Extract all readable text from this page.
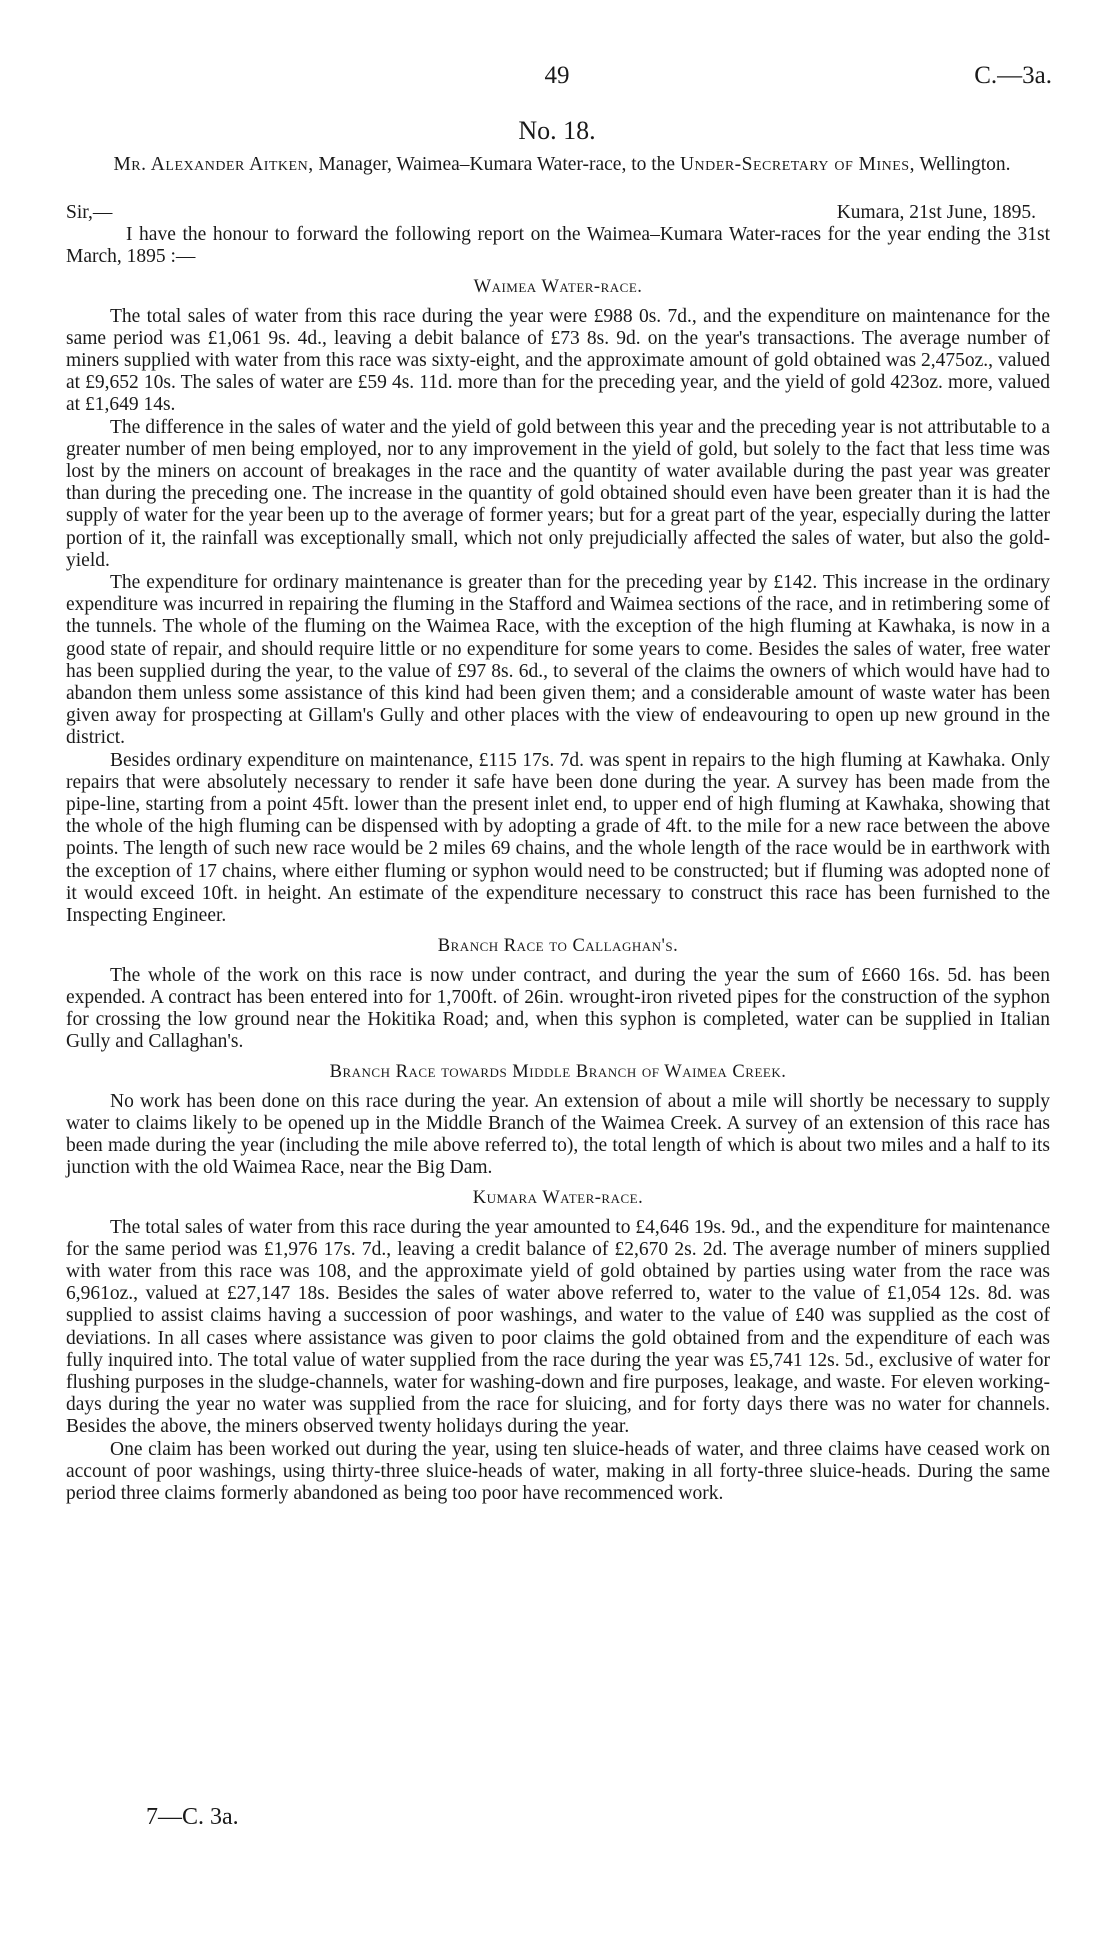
49	C.—3a.
No. 18.
Mr. Alexander Aitken, Manager, Waimea–Kumara Water-race, to the Under-Secretary of Mines, Wellington.
Sir,—	Kumara, 21st June, 1895.

I have the honour to forward the following report on the Waimea–Kumara Water-races for the year ending the 31st March, 1895 :—

Waimea Water-race.

The total sales of water from this race during the year were £988 0s. 7d., and the expenditure on maintenance for the same period was £1,061 9s. 4d., leaving a debit balance of £73 8s. 9d. on the year's transactions. The average number of miners supplied with water from this race was sixty-eight, and the approximate amount of gold obtained was 2,475oz., valued at £9,652 10s. The sales of water are £59 4s. 11d. more than for the preceding year, and the yield of gold 423oz. more, valued at £1,649 14s.

The difference in the sales of water and the yield of gold between this year and the preceding year is not attributable to a greater number of men being employed, nor to any improvement in the yield of gold, but solely to the fact that less time was lost by the miners on account of breakages in the race and the quantity of water available during the past year was greater than during the preceding one. The increase in the quantity of gold obtained should even have been greater than it is had the supply of water for the year been up to the average of former years; but for a great part of the year, especially during the latter portion of it, the rainfall was exceptionally small, which not only prejudicially affected the sales of water, but also the gold-yield.

The expenditure for ordinary maintenance is greater than for the preceding year by £142. This increase in the ordinary expenditure was incurred in repairing the fluming in the Stafford and Waimea sections of the race, and in retimbering some of the tunnels. The whole of the fluming on the Waimea Race, with the exception of the high fluming at Kawhaka, is now in a good state of repair, and should require little or no expenditure for some years to come. Besides the sales of water, free water has been supplied during the year, to the value of £97 8s. 6d., to several of the claims the owners of which would have had to abandon them unless some assistance of this kind had been given them; and a considerable amount of waste water has been given away for prospecting at Gillam's Gully and other places with the view of endeavouring to open up new ground in the district.

Besides ordinary expenditure on maintenance, £115 17s. 7d. was spent in repairs to the high fluming at Kawhaka. Only repairs that were absolutely necessary to render it safe have been done during the year. A survey has been made from the pipe-line, starting from a point 45ft. lower than the present inlet end, to upper end of high fluming at Kawhaka, showing that the whole of the high fluming can be dispensed with by adopting a grade of 4ft. to the mile for a new race between the above points. The length of such new race would be 2 miles 69 chains, and the whole length of the race would be in earthwork with the exception of 17 chains, where either fluming or syphon would need to be constructed; but if fluming was adopted none of it would exceed 10ft. in height. An estimate of the expenditure necessary to construct this race has been furnished to the Inspecting Engineer.

Branch Race to Callaghan's.

The whole of the work on this race is now under contract, and during the year the sum of £660 16s. 5d. has been expended. A contract has been entered into for 1,700ft. of 26in. wrought-iron riveted pipes for the construction of the syphon for crossing the low ground near the Hokitika Road; and, when this syphon is completed, water can be supplied in Italian Gully and Callaghan's.

Branch Race towards Middle Branch of Waimea Creek.

No work has been done on this race during the year. An extension of about a mile will shortly be necessary to supply water to claims likely to be opened up in the Middle Branch of the Waimea Creek. A survey of an extension of this race has been made during the year (including the mile above referred to), the total length of which is about two miles and a half to its junction with the old Waimea Race, near the Big Dam.

Kumara Water-race.

The total sales of water from this race during the year amounted to £4,646 19s. 9d., and the expenditure for maintenance for the same period was £1,976 17s. 7d., leaving a credit balance of £2,670 2s. 2d. The average number of miners supplied with water from this race was 108, and the approximate yield of gold obtained by parties using water from the race was 6,961oz., valued at £27,147 18s. Besides the sales of water above referred to, water to the value of £1,054 12s. 8d. was supplied to assist claims having a succession of poor washings, and water to the value of £40 was supplied as the cost of deviations. In all cases where assistance was given to poor claims the gold obtained from and the expenditure of each was fully inquired into. The total value of water supplied from the race during the year was £5,741 12s. 5d., exclusive of water for flushing purposes in the sludge-channels, water for washing-down and fire purposes, leakage, and waste. For eleven working-days during the year no water was supplied from the race for sluicing, and for forty days there was no water for channels. Besides the above, the miners observed twenty holidays during the year.

One claim has been worked out during the year, using ten sluice-heads of water, and three claims have ceased work on account of poor washings, using thirty-three sluice-heads of water, making in all forty-three sluice-heads. During the same period three claims formerly abandoned as being too poor have recommenced work.

7—C. 3a.
